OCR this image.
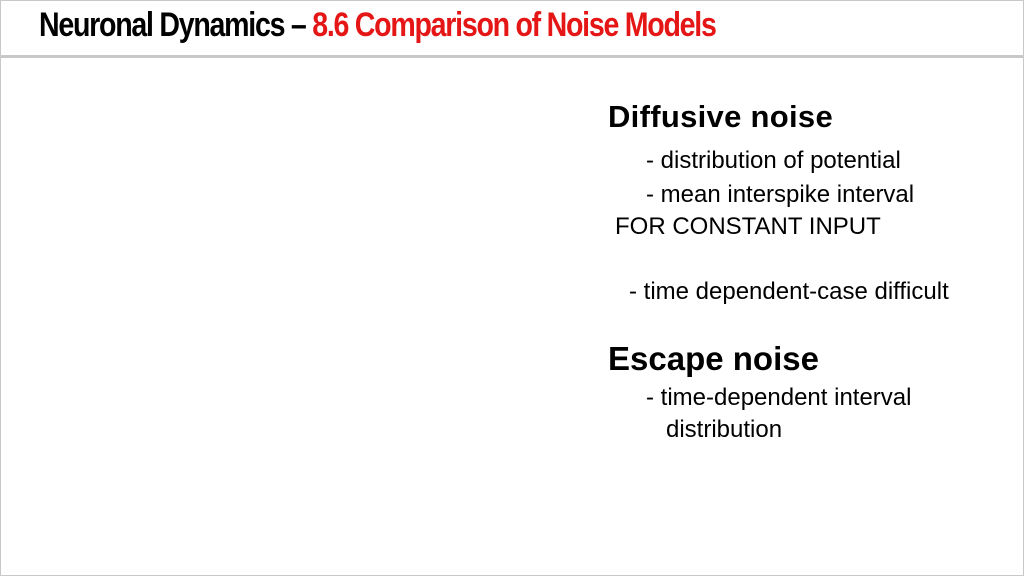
Neuronal Dynamics – 8.6 Comparison of Noise Models
Diffusive noise
- distribution of potential
- mean interspike interval
FOR CONSTANT INPUT
- time dependent-case difficult
Escape noise
- time-dependent interval
distribution
